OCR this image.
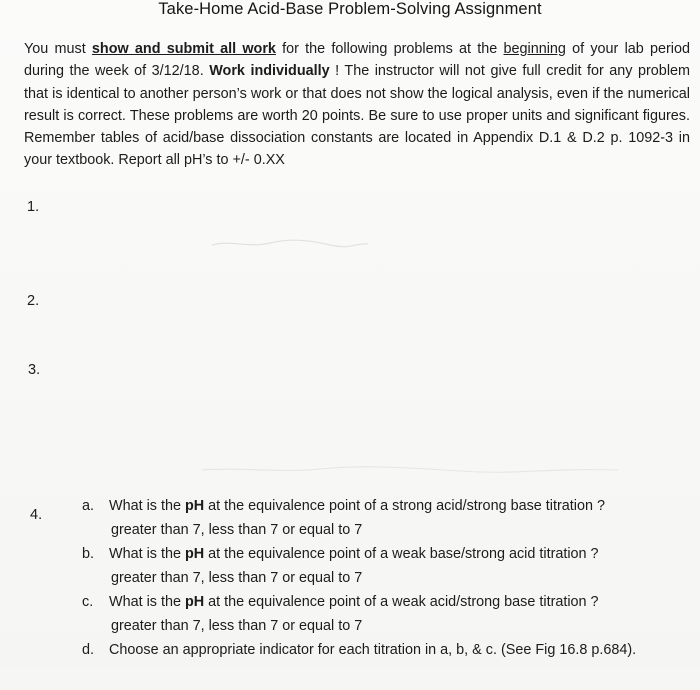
Take-Home Acid-Base Problem-Solving Assignment
You must show and submit all work for the following problems at the beginning of your lab period during the week of 3/12/18. Work individually ! The instructor will not give full credit for any problem that is identical to another person’s work or that does not show the logical analysis, even if the numerical result is correct. These problems are worth 20 points. Be sure to use proper units and significant figures. Remember tables of acid/base dissociation constants are located in Appendix D.1 & D.2 p. 1092-3 in your textbook. Report all pH’s to +/- 0.XX
1.
2.
3.
4.
a. What is the pH at the equivalence point of a strong acid/strong base titration ?
greater than 7, less than 7 or equal to 7
b. What is the pH at the equivalence point of a weak base/strong acid titration ?
greater than 7, less than 7 or equal to 7
c. What is the pH at the equivalence point of a weak acid/strong base titration ?
greater than 7, less than 7 or equal to 7
d. Choose an appropriate indicator for each titration in a, b, & c. (See Fig 16.8 p.684).
